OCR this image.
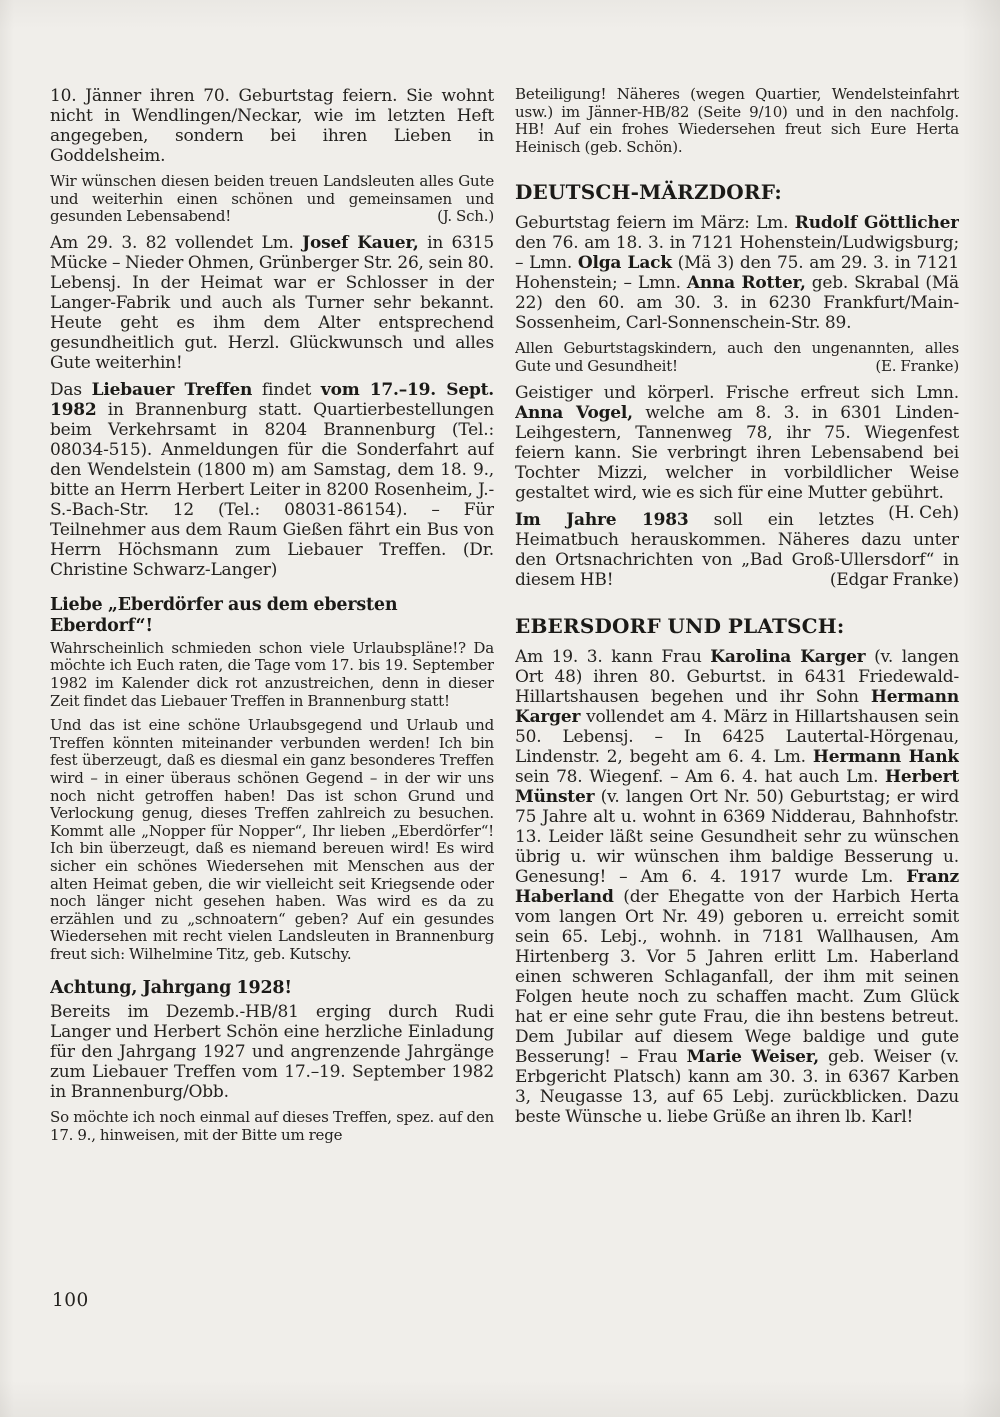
10. Jänner ihren 70. Geburtstag feiern. Sie wohnt nicht in Wendlingen/Neckar, wie im letzten Heft angegeben, sondern bei ihren Lieben in Goddelsheim.
Wir wünschen diesen beiden treuen Landsleuten alles Gute und weiterhin einen schönen und gemeinsamen und gesunden Lebensabend!	(J. Sch.)
Am 29. 3. 82 vollendet Lm. Josef Kauer, in 6315 Mücke – Nieder Ohmen, Grünberger Str. 26, sein 80. Lebensj. In der Heimat war er Schlosser in der Langer-Fabrik und auch als Turner sehr bekannt. Heute geht es ihm dem Alter entsprechend gesundheitlich gut. Herzl. Glückwunsch und alles Gute weiterhin!
Das Liebauer Treffen findet vom 17.–19. Sept. 1982 in Brannenburg statt. Quartierbestellungen beim Verkehrsamt in 8204 Brannenburg (Tel.: 08034-515). Anmeldungen für die Sonderfahrt auf den Wendelstein (1800 m) am Samstag, dem 18. 9., bitte an Herrn Herbert Leiter in 8200 Rosenheim, J.-S.-Bach-Str. 12 (Tel.: 08031-86154). – Für Teilnehmer aus dem Raum Gießen fährt ein Bus von Herrn Höchsmann zum Liebauer Treffen. (Dr. Christine Schwarz-Langer)
Liebe „Eberdörfer aus dem ebersten Eberdorf“!
Wahrscheinlich schmieden schon viele Urlaubspläne!? Da möchte ich Euch raten, die Tage vom 17. bis 19. September 1982 im Kalender dick rot anzustreichen, denn in dieser Zeit findet das Liebauer Treffen in Brannenburg statt!
Und das ist eine schöne Urlaubsgegend und Urlaub und Treffen könnten miteinander verbunden werden! Ich bin fest überzeugt, daß es diesmal ein ganz besonderes Treffen wird – in einer überaus schönen Gegend – in der wir uns noch nicht getroffen haben! Das ist schon Grund und Verlockung genug, dieses Treffen zahlreich zu besuchen. Kommt alle „Nopper für Nopper“, Ihr lieben „Eberdörfer“! Ich bin überzeugt, daß es niemand bereuen wird! Es wird sicher ein schönes Wiedersehen mit Menschen aus der alten Heimat geben, die wir vielleicht seit Kriegsende oder noch länger nicht gesehen haben. Was wird es da zu erzählen und zu „schnoatern“ geben? Auf ein gesundes Wiedersehen mit recht vielen Landsleuten in Brannenburg freut sich: Wilhelmine Titz, geb. Kutschy.
Achtung, Jahrgang 1928!
Bereits im Dezemb.-HB/81 erging durch Rudi Langer und Herbert Schön eine herzliche Einladung für den Jahrgang 1927 und angrenzende Jahrgänge zum Liebauer Treffen vom 17.–19. September 1982 in Brannenburg/Obb.
So möchte ich noch einmal auf dieses Treffen, spez. auf den 17. 9., hinweisen, mit der Bitte um rege
Beteiligung! Näheres (wegen Quartier, Wendelsteinfahrt usw.) im Jänner-HB/82 (Seite 9/10) und in den nachfolg. HB! Auf ein frohes Wiedersehen freut sich Eure Herta Heinisch (geb. Schön).
DEUTSCH-MÄRZDORF:
Geburtstag feiern im März: Lm. Rudolf Göttlicher den 76. am 18. 3. in 7121 Hohenstein/Ludwigsburg; – Lmn. Olga Lack (Mä 3) den 75. am 29. 3. in 7121 Hohenstein; – Lmn. Anna Rotter, geb. Skrabal (Mä 22) den 60. am 30. 3. in 6230 Frankfurt/Main-Sossenheim, Carl-Sonnenschein-Str. 89.
Allen Geburtstagskindern, auch den ungenannten, alles Gute und Gesundheit!	(E. Franke)
Geistiger und körperl. Frische erfreut sich Lmn. Anna Vogel, welche am 8. 3. in 6301 Linden-Leihgestern, Tannenweg 78, ihr 75. Wiegenfest feiern kann. Sie verbringt ihren Lebensabend bei Tochter Mizzi, welcher in vorbildlicher Weise gestaltet wird, wie es sich für eine Mutter gebührt.
(H. Ceh)
Im Jahre 1983 soll ein letztes Heimatbuch herauskommen. Näheres dazu unter den Ortsnachrichten von „Bad Groß-Ullersdorf“ in diesem HB!	(Edgar Franke)
EBERSDORF UND PLATSCH:
Am 19. 3. kann Frau Karolina Karger (v. langen Ort 48) ihren 80. Geburtst. in 6431 Friedewald-Hillartshausen begehen und ihr Sohn Hermann Karger vollendet am 4. März in Hillartshausen sein 50. Lebensj. – In 6425 Lautertal-Hörgenau, Lindenstr. 2, begeht am 6. 4. Lm. Hermann Hank sein 78. Wiegenf. – Am 6. 4. hat auch Lm. Herbert Münster (v. langen Ort Nr. 50) Geburtstag; er wird 75 Jahre alt u. wohnt in 6369 Nidderau, Bahnhofstr. 13. Leider läßt seine Gesundheit sehr zu wünschen übrig u. wir wünschen ihm baldige Besserung u. Genesung! – Am 6. 4. 1917 wurde Lm. Franz Haberland (der Ehegatte von der Harbich Herta vom langen Ort Nr. 49) geboren u. erreicht somit sein 65. Lebj., wohnh. in 7181 Wallhausen, Am Hirtenberg 3. Vor 5 Jahren erlitt Lm. Haberland einen schweren Schlaganfall, der ihm mit seinen Folgen heute noch zu schaffen macht. Zum Glück hat er eine sehr gute Frau, die ihn bestens betreut. Dem Jubilar auf diesem Wege baldige und gute Besserung! – Frau Marie Weiser, geb. Weiser (v. Erbgericht Platsch) kann am 30. 3. in 6367 Karben 3, Neugasse 13, auf 65 Lebj. zurückblicken. Dazu beste Wünsche u. liebe Grüße an ihren lb. Karl!
100
